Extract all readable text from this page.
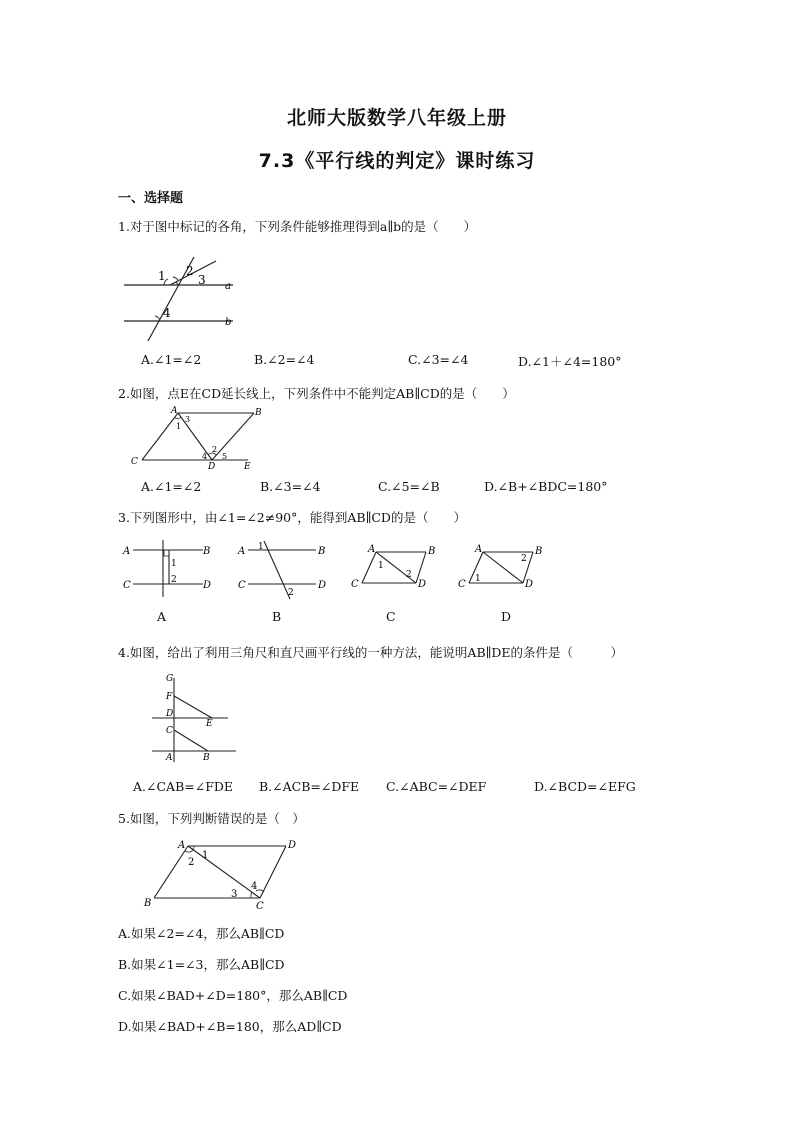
北师大版数学八年级上册
7.3《平行线的判定》课时练习
一、选择题
1.对于图中标记的各角，下列条件能够推理得到a∥b的是（　　）
1 2
3
4
a
b
A.∠1=∠2	B.∠2=∠4	C.∠3=∠4	D.∠1＋∠4=180°
2.如图，点E在CD延长线上，下列条件中不能判定AB∥CD的是（　　）
A	B
C	D	E
1
2
3
4 5
A.∠1=∠2	B.∠3=∠4	C.∠5=∠B	D.∠B+∠BDC=180°
3.下列图形中，由∠1=∠2≠90°，能得到AB∥CD的是（　　）
A	B
C	D
1
2
A
A	B
C	D
1
2
B
A	B
C	D
1
2
C
A	B
C	D
1
2
D
4.如图，给出了利用三角尺和直尺画平行线的一种方法，能说明AB∥DE的条件是（　　　）
G
F
D
E
C
A	B
A.∠CAB=∠FDE B.∠ACB=∠DFE C.∠ABC=∠DEF	D.∠BCD=∠EFG
5.如图，下列判断错误的是（　）
A
B	C
D
1
2
3
4
A.如果∠2=∠4，那么AB∥CD
B.如果∠1=∠3，那么AB∥CD
C.如果∠BAD+∠D=180°，那么AB∥CD
D.如果∠BAD+∠B=180，那么AD∥CD
